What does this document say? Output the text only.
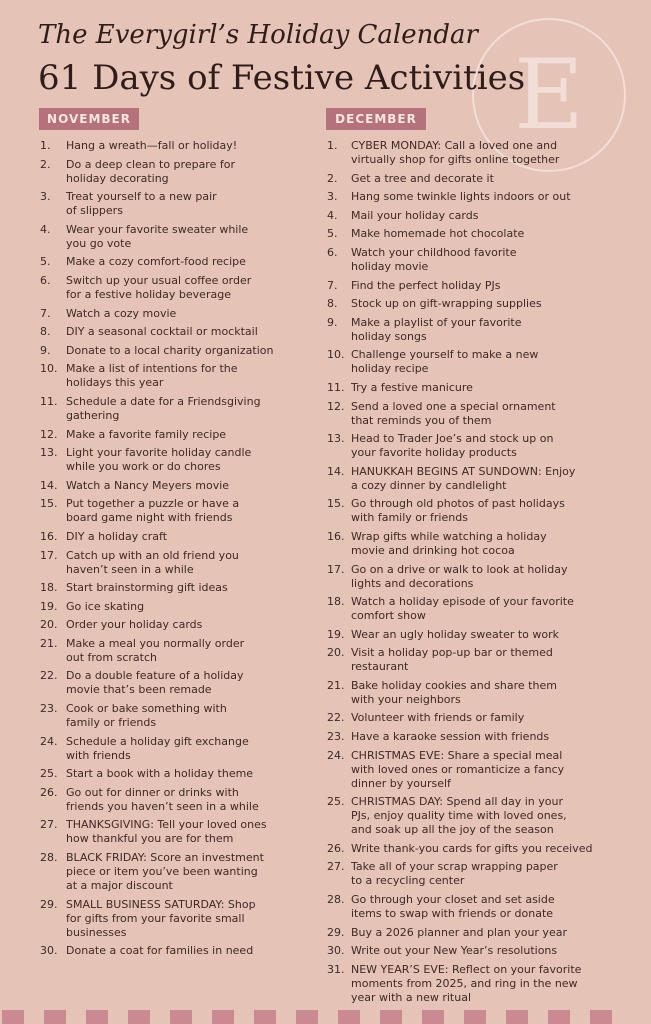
E
The Everygirl’s Holiday Calendar
61 Days of Festive Activities
NOVEMBER	DECEMBER
1.	Hang a wreath—fall or holiday!
2.	Do a deep clean to prepare for
holiday decorating
3.	Treat yourself to a new pair
of slippers
4.	Wear your favorite sweater while
you go vote
5.	Make a cozy comfort-food recipe
6.	Switch up your usual coffee order
for a festive holiday beverage
7.	Watch a cozy movie
8.	DIY a seasonal cocktail or mocktail
9.	Donate to a local charity organization
10. Make a list of intentions for the
holidays this year
11. Schedule a date for a Friendsgiving
gathering
12. Make a favorite family recipe
13. Light your favorite holiday candle
while you work or do chores
14. Watch a Nancy Meyers movie
15. Put together a puzzle or have a
board game night with friends
16. DIY a holiday craft
17. Catch up with an old friend you
haven’t seen in a while
18. Start brainstorming gift ideas
19. Go ice skating
20. Order your holiday cards
21. Make a meal you normally order
out from scratch
22. Do a double feature of a holiday
movie that’s been remade
23. Cook or bake something with
family or friends
24. Schedule a holiday gift exchange
with friends
25. Start a book with a holiday theme
26. Go out for dinner or drinks with
friends you haven’t seen in a while
27. THANKSGIVING: Tell your loved ones
how thankful you are for them
28. BLACK FRIDAY: Score an investment
piece or item you’ve been wanting
at a major discount
29. SMALL BUSINESS SATURDAY: Shop
for gifts from your favorite small
businesses
30. Donate a coat for families in need
1.	CYBER MONDAY: Call a loved one and
virtually shop for gifts online together
2.	Get a tree and decorate it
3.	Hang some twinkle lights indoors or out
4.	Mail your holiday cards
5.	Make homemade hot chocolate
6.	Watch your childhood favorite
holiday movie
7.	Find the perfect holiday PJs
8.	Stock up on gift-wrapping supplies
9.	Make a playlist of your favorite
holiday songs
10. Challenge yourself to make a new
holiday recipe
11. Try a festive manicure
12. Send a loved one a special ornament
that reminds you of them
13. Head to Trader Joe’s and stock up on
your favorite holiday products
14. HANUKKAH BEGINS AT SUNDOWN: Enjoy
a cozy dinner by candlelight
15. Go through old photos of past holidays
with family or friends
16. Wrap gifts while watching a holiday
movie and drinking hot cocoa
17. Go on a drive or walk to look at holiday
lights and decorations
18. Watch a holiday episode of your favorite
comfort show
19. Wear an ugly holiday sweater to work
20. Visit a holiday pop-up bar or themed
restaurant
21. Bake holiday cookies and share them
with your neighbors
22. Volunteer with friends or family
23. Have a karaoke session with friends
24. CHRISTMAS EVE: Share a special meal
with loved ones or romanticize a fancy
dinner by yourself
25. CHRISTMAS DAY: Spend all day in your
PJs, enjoy quality time with loved ones,
and soak up all the joy of the season
26. Write thank-you cards for gifts you received
27. Take all of your scrap wrapping paper
to a recycling center
28. Go through your closet and set aside
items to swap with friends or donate
29. Buy a 2026 planner and plan your year
30. Write out your New Year’s resolutions
31. NEW YEAR’S EVE: Reflect on your favorite
moments from 2025, and ring in the new
year with a new ritual
